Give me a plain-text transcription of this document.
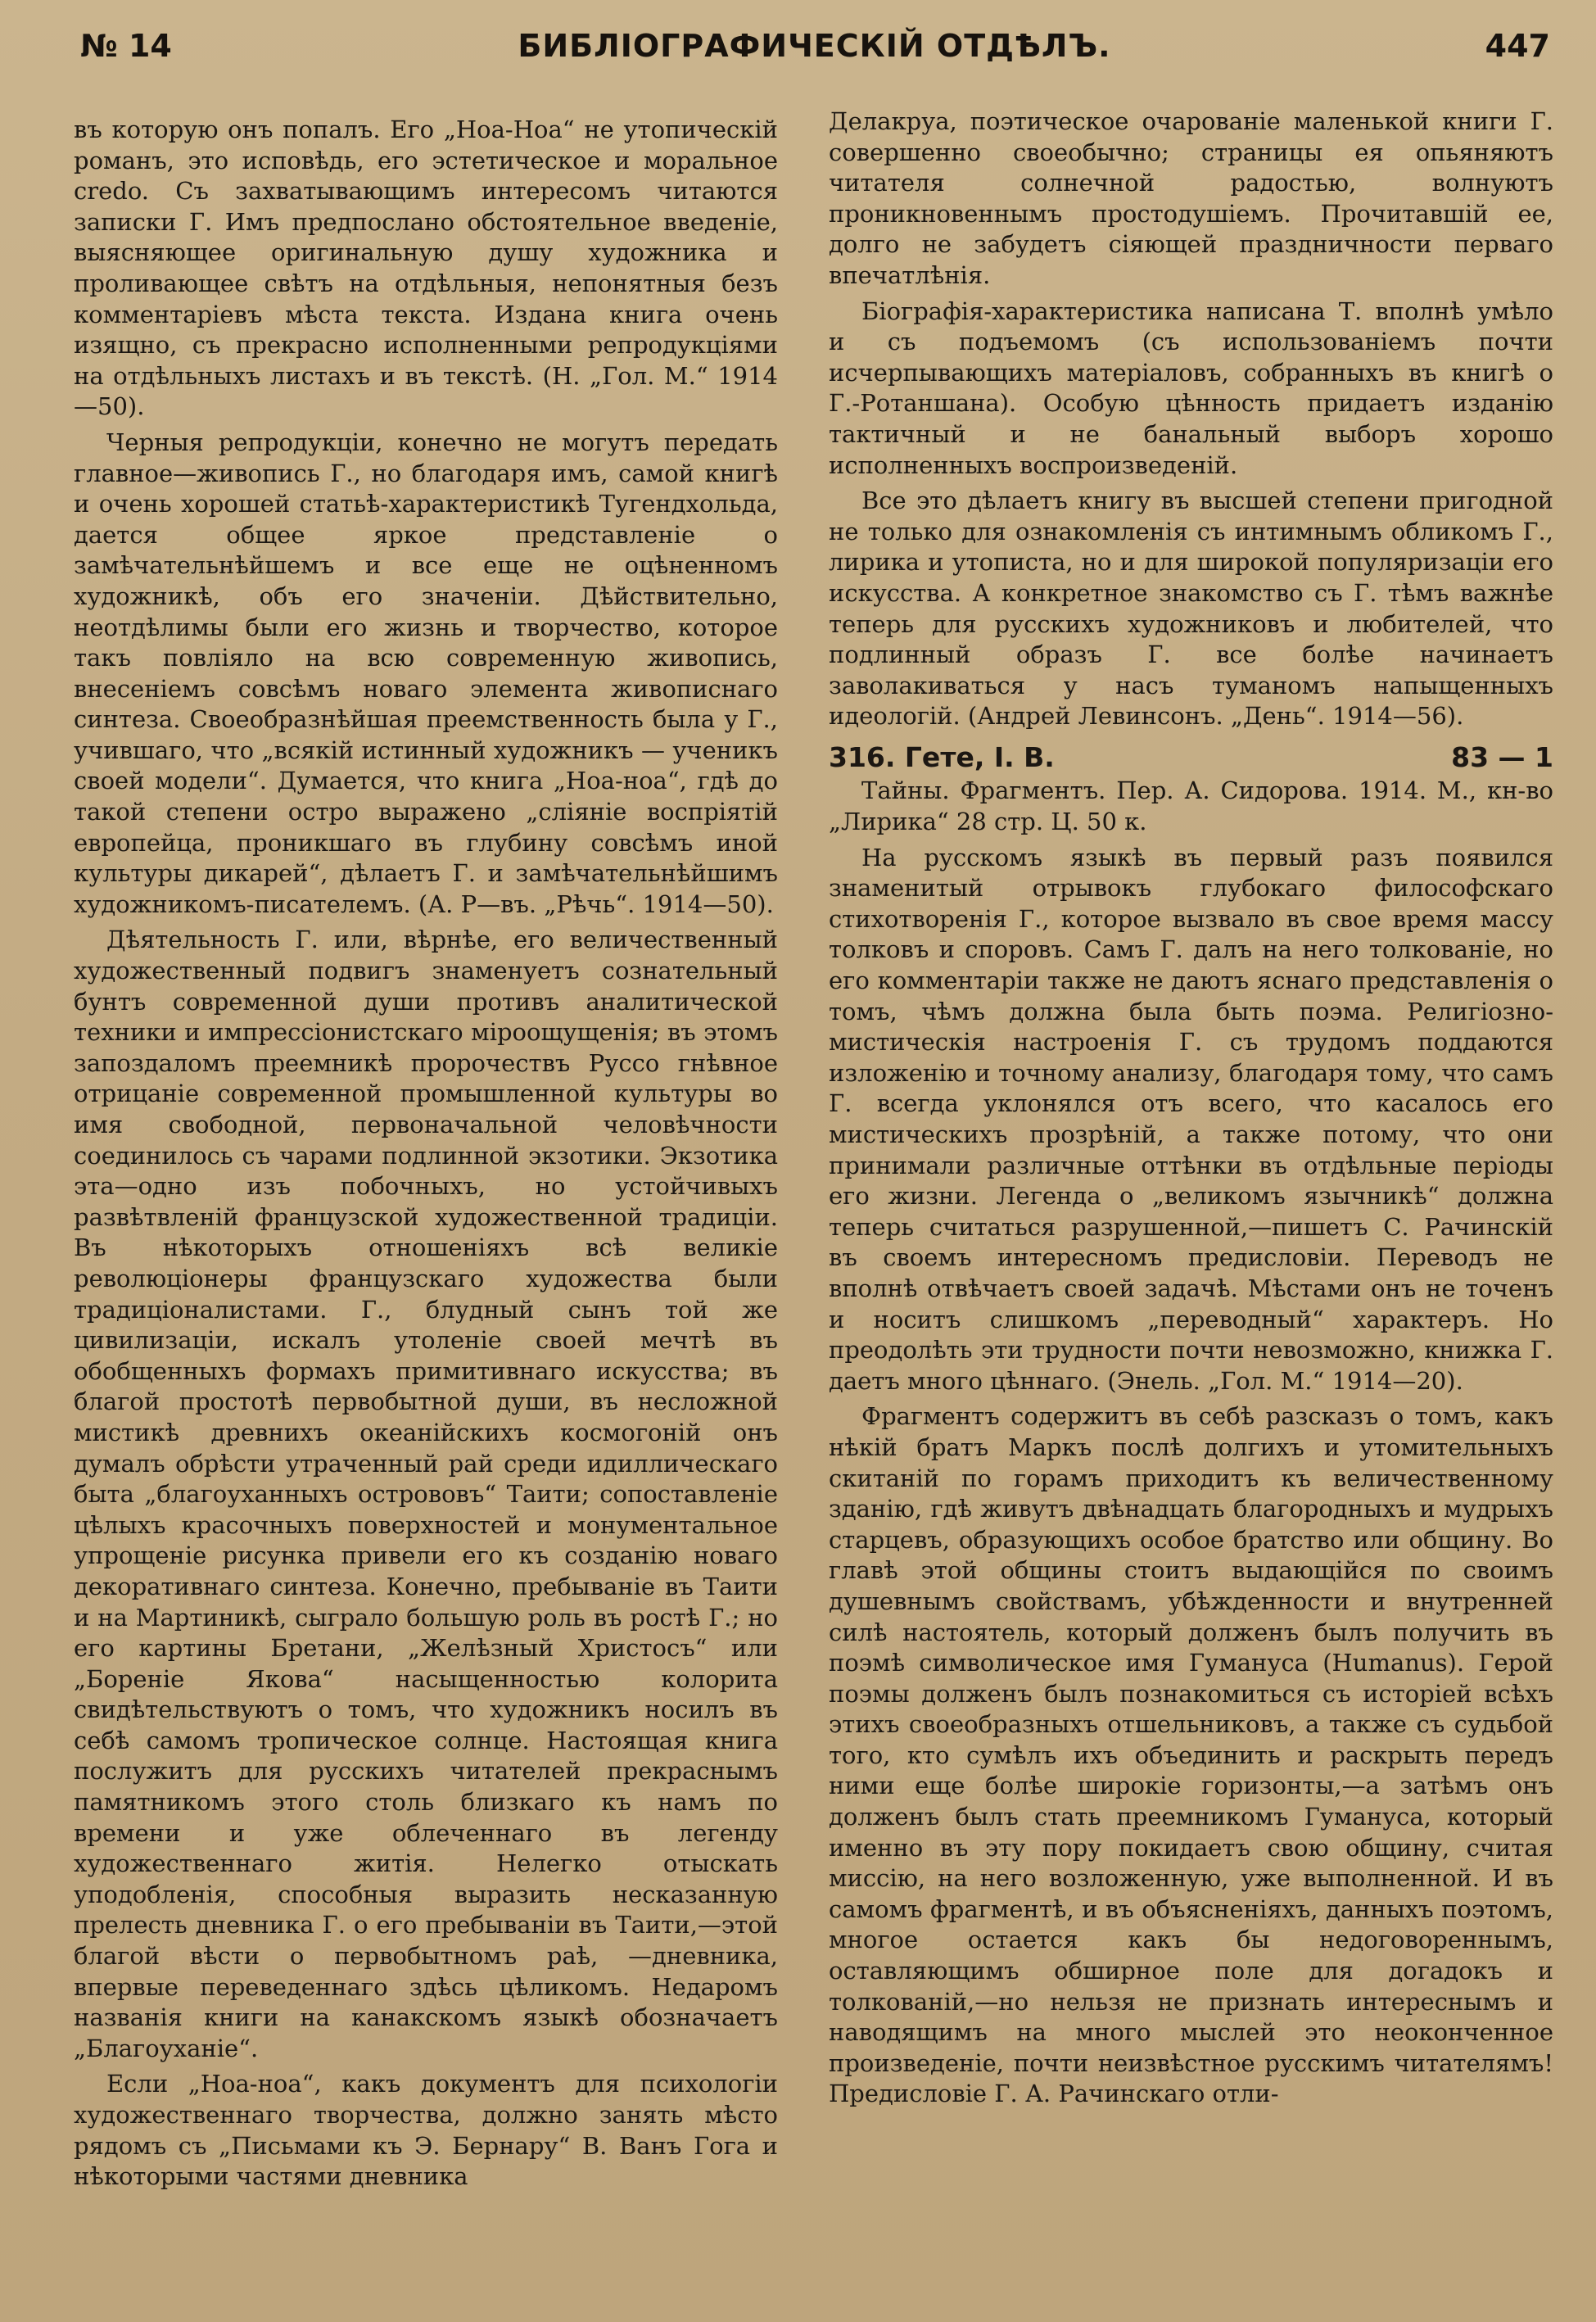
№ 14	БИБЛIОГРАФИЧЕСКIЙ ОТДѢЛЪ.	447

въ которую онъ попалъ. Его „Ноа-Ноа“ не утопическiй романъ, это исповѣдь, его эстетическое и моральное credo. Съ захватывающимъ интересомъ читаются записки Г. Имъ предпослано обстоятельное введенiе, выясняющее оригинальную душу художника и проливающее свѣтъ на отдѣльныя, непонятныя безъ комментарiевъ мѣста текста. Издана книга очень изящно, съ прекрасно исполненными репродукцiями на отдѣльныхъ листахъ и въ текстѣ. (Н. „Гол. М.“ 1914—50).

Черныя репродукцiи, конечно не могутъ передать главное—живопись Г., но благодаря имъ, самой книгѣ и очень хорошей статьѣ-характеристикѣ Тугендхольда, дается общее яркое представленiе о замѣчательнѣйшемъ и все еще не оцѣненномъ художникѣ, объ его значенiи. Дѣйствительно, неотдѣлимы были его жизнь и творчество, которое такъ повлiяло на всю современную живопись, внесенiемъ совсѣмъ новаго элемента живописнаго синтеза. Своеобразнѣйшая преемственность была у Г., учившаго, что „всякiй истинный художникъ — ученикъ своей модели“. Думается, что книга „Ноа-ноа“, гдѣ до такой степени остро выражено „слiянiе воспрiятiй европейца, проникшаго въ глубину совсѣмъ иной культуры дикарей“, дѣлаетъ Г. и замѣчательнѣйшимъ художникомъ-писателемъ. (А. Р—въ. „Рѣчь“. 1914—50).

Дѣятельность Г. или, вѣрнѣе, его величественный художественный подвигъ знаменуетъ сознательный бунтъ современной души противъ аналитической техники и импрессiонистскаго мiроощущенiя; въ этомъ запоздаломъ преемникѣ пророчествъ Руссо гнѣвное отрицанiе современной промышленной культуры во имя свободной, первоначальной человѣчности соединилось съ чарами подлинной экзотики. Экзотика эта—одно изъ побочныхъ, но устойчивыхъ развѣтвленiй французской художественной традицiи. Въ нѣкоторыхъ отношенiяхъ всѣ великiе революцiонеры французскаго художества были традицiоналистами. Г., блудный сынъ той же цивилизацiи, искалъ утоленiе своей мечтѣ въ обобщенныхъ формахъ примитивнаго искусства; въ благой простотѣ первобытной души, въ несложной мистикѣ древнихъ океанiйскихъ космогонiй онъ думалъ обрѣсти утраченный рай среди идиллическаго быта „благоуханныхъ острововъ“ Таити; сопоставленiе цѣлыхъ красочныхъ поверхностей и монументальное упрощенiе рисунка привели его къ созданiю новаго декоративнаго синтеза. Конечно, пребыванiе въ Таити и на Мартиникѣ, сыграло большую роль въ ростѣ Г.; но его картины Бретани, „Желѣзный Христосъ“ или „Боренiе Якова“ насыщенностью колорита свидѣтельствуютъ о томъ, что художникъ носилъ въ себѣ самомъ тропическое солнце. Настоящая книга послужитъ для русскихъ читателей прекраснымъ памятникомъ этого столь близкаго къ намъ по времени и уже облеченнаго въ легенду художественнаго житiя. Нелегко отыскать уподобленiя, способныя выразить несказанную прелесть дневника Г. о его пребыванiи въ Таити,—этой благой вѣсти о первобытномъ раѣ, —дневника, впервые переведеннаго здѣсь цѣликомъ. Недаромъ названiя книги на канакскомъ языкѣ обозначаетъ „Благоуханiе“.

Если „Ноа-ноа“, какъ документъ для психологiи художественнаго творчества, должно занять мѣсто рядомъ съ „Письмами къ Э. Бернару“ В. Ванъ Гога и нѣкоторыми частями дневника

Делакруа, поэтическое очарованiе маленькой книги Г. совершенно своеобычно; страницы ея опьяняютъ читателя солнечной радостью, волнуютъ проникновеннымъ простодушiемъ. Прочитавшiй ее, долго не забудетъ сiяющей праздничности перваго впечатлѣнiя.

Бiографiя-характеристика написана Т. вполнѣ умѣло и съ подъемомъ (съ использованiемъ почти исчерпывающихъ матерiаловъ, собранныхъ въ книгѣ о Г.-Ротаншана). Особую цѣнность придаетъ изданiю тактичный и не банальный выборъ хорошо исполненныхъ воспроизведенiй.

Все это дѣлаетъ книгу въ высшей степени пригодной не только для ознакомленiя съ интимнымъ обликомъ Г., лирика и утописта, но и для широкой популяризацiи его искусства. А конкретное знакомство съ Г. тѣмъ важнѣе теперь для русскихъ художниковъ и любителей, что подлинный образъ Г. все болѣе начинаетъ заволакиваться у насъ туманомъ напыщенныхъ идеологiй. (Андрей Левинсонъ. „День“. 1914—56).

316. Гете, I. В.	83 — 1

Тайны. Фрагментъ. Пер. А. Сидорова. 1914. М., кн-во „Лирика“ 28 стр. Ц. 50 к.

На русскомъ языкѣ въ первый разъ появился знаменитый отрывокъ глубокаго философскаго стихотворенiя Г., которое вызвало въ свое время массу толковъ и споровъ. Самъ Г. далъ на него толкованiе, но его комментарiи также не даютъ яснаго представленiя о томъ, чѣмъ должна была быть поэма. Религiозно-мистическiя настроенiя Г. съ трудомъ поддаются изложенiю и точному анализу, благодаря тому, что самъ Г. всегда уклонялся отъ всего, что касалось его мистическихъ прозрѣнiй, а также потому, что они принимали различные оттѣнки въ отдѣльные перiоды его жизни. Легенда о „великомъ язычникѣ“ должна теперь считаться разрушенной,—пишетъ С. Рачинскiй въ своемъ интересномъ предисловiи. Переводъ не вполнѣ отвѣчаетъ своей задачѣ. Мѣстами онъ не точенъ и носитъ слишкомъ „переводный“ характеръ. Но преодолѣть эти трудности почти невозможно, книжка Г. даетъ много цѣннаго. (Энель. „Гол. М.“ 1914—20).

Фрагментъ содержитъ въ себѣ разсказъ о томъ, какъ нѣкiй братъ Маркъ послѣ долгихъ и утомительныхъ скитанiй по горамъ приходитъ къ величественному зданiю, гдѣ живутъ двѣнадцать благородныхъ и мудрыхъ старцевъ, образующихъ особое братство или общину. Во главѣ этой общины стоитъ выдающiйся по своимъ душевнымъ свойствамъ, убѣжденности и внутренней силѣ настоятель, который долженъ былъ получить въ поэмѣ символическое имя Гумануса (Humanus). Герой поэмы долженъ былъ познакомиться съ исторiей всѣхъ этихъ своеобразныхъ отшельниковъ, а также съ судьбой того, кто сумѣлъ ихъ объединить и раскрыть передъ ними еще болѣе широкiе горизонты,—а затѣмъ онъ долженъ былъ стать преемникомъ Гумануса, который именно въ эту пору покидаетъ свою общину, считая миссiю, на него возложенную, уже выполненной. И въ самомъ фрагментѣ, и въ объясненiяхъ, данныхъ поэтомъ, многое остается какъ бы недоговореннымъ, оставляющимъ обширное поле для догадокъ и толкованiй,—но нельзя не признать интереснымъ и наводящимъ на много мыслей это неоконченное произведенiе, почти неизвѣстное русскимъ читателямъ! Предисловiе Г. А. Рачинскаго отли-
